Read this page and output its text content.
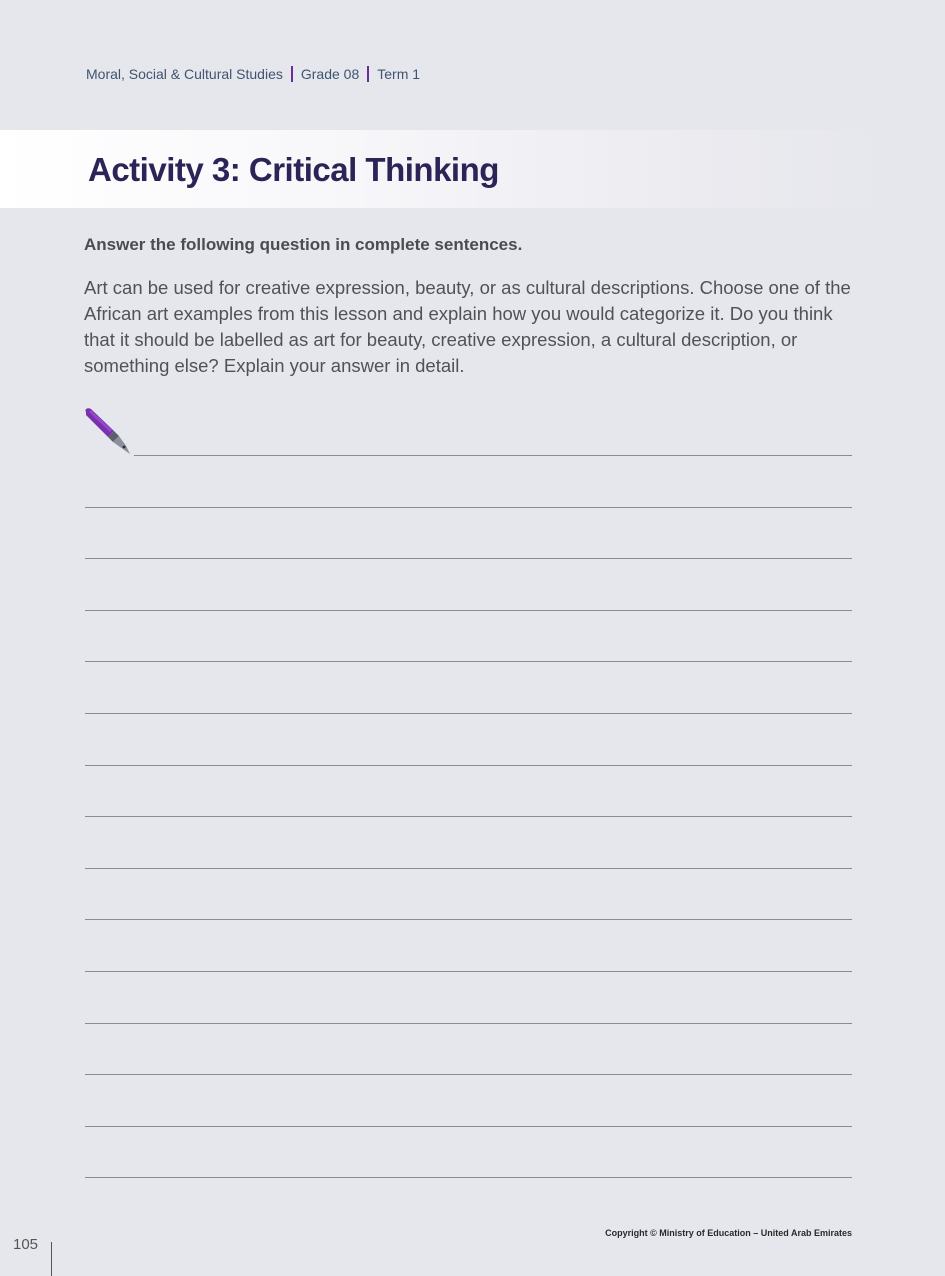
Moral, Social & Cultural Studies Grade 08 Term 1
Activity 3: Critical Thinking
Answer the following question in complete sentences.
Art can be used for creative expression, beauty, or as cultural descriptions. Choose one of the African art examples from this lesson and explain how you would categorize it. Do you think that it should be labelled as art for beauty, creative expression, a cultural description, or something else? Explain your answer in detail.
105
Copyright © Ministry of Education – United Arab Emirates
